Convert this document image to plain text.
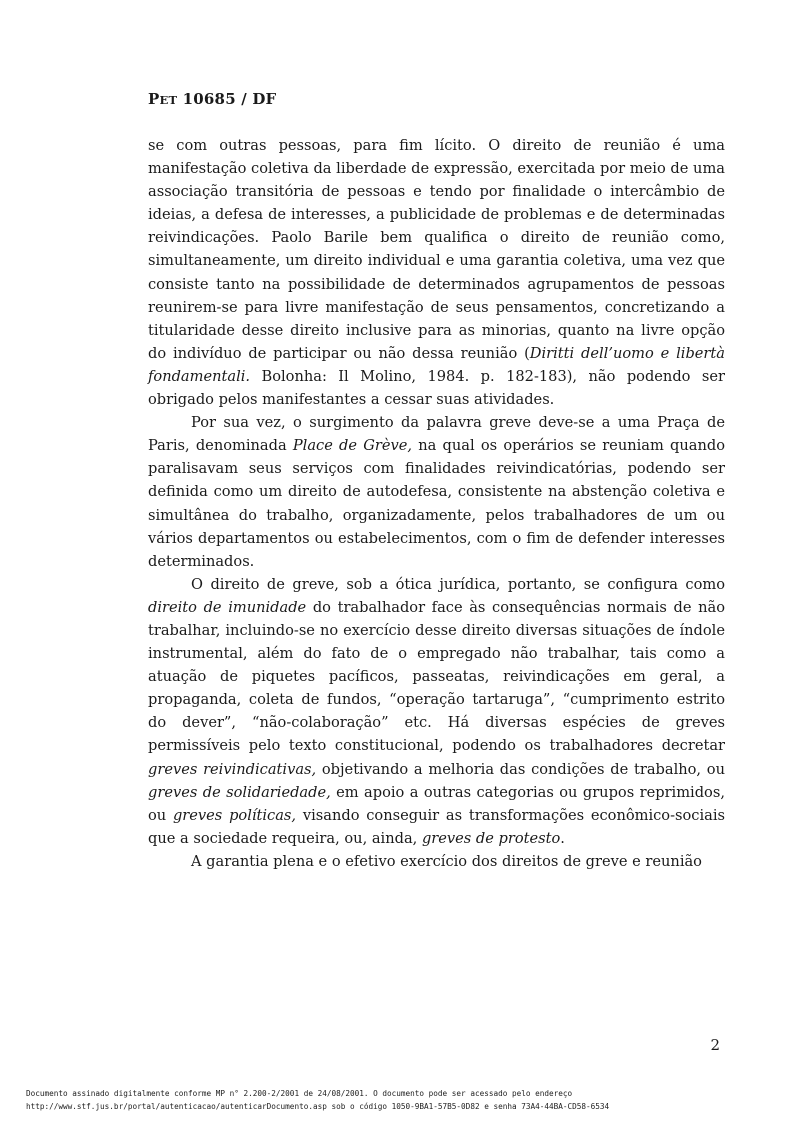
PET 10685 / DF

se com outras pessoas, para fim lícito. O direito de reunião é uma manifestação coletiva da liberdade de expressão, exercitada por meio de uma associação transitória de pessoas e tendo por finalidade o intercâmbio de ideias, a defesa de interesses, a publicidade de problemas e de determinadas reivindicações. Paolo Barile bem qualifica o direito de reunião como, simultaneamente, um direito individual e uma garantia coletiva, uma vez que consiste tanto na possibilidade de determinados agrupamentos de pessoas reunirem-se para livre manifestação de seus pensamentos, concretizando a titularidade desse direito inclusive para as minorias, quanto na livre opção do indivíduo de participar ou não dessa reunião (Diritti dell’uomo e libertà fondamentali. Bolonha: Il Molino, 1984. p. 182-183), não podendo ser obrigado pelos manifestantes a cessar suas atividades.

Por sua vez, o surgimento da palavra greve deve-se a uma Praça de Paris, denominada Place de Grève, na qual os operários se reuniam quando paralisavam seus serviços com finalidades reivindicatórias, podendo ser definida como um direito de autodefesa, consistente na abstenção coletiva e simultânea do trabalho, organizadamente, pelos trabalhadores de um ou vários departamentos ou estabelecimentos, com o fim de defender interesses determinados.

O direito de greve, sob a ótica jurídica, portanto, se configura como direito de imunidade do trabalhador face às consequências normais de não trabalhar, incluindo-se no exercício desse direito diversas situações de índole instrumental, além do fato de o empregado não trabalhar, tais como a atuação de piquetes pacíficos, passeatas, reivindicações em geral, a propaganda, coleta de fundos, “operação tartaruga”, “cumprimento estrito do dever”, “não-colaboração” etc. Há diversas espécies de greves permissíveis pelo texto constitucional, podendo os trabalhadores decretar greves reivindicativas, objetivando a melhoria das condições de trabalho, ou greves de solidariedade, em apoio a outras categorias ou grupos reprimidos, ou greves políticas, visando conseguir as transformações econômico-sociais que a sociedade requeira, ou, ainda, greves de protesto.

A garantia plena e o efetivo exercício dos direitos de greve e reunião

2
Documento assinado digitalmente conforme MP n° 2.200-2/2001 de 24/08/2001. O documento pode ser acessado pelo endereço
http://www.stf.jus.br/portal/autenticacao/autenticarDocumento.asp sob o código 1050-9BA1-57B5-0D82 e senha 73A4-44BA-CD58-6534
